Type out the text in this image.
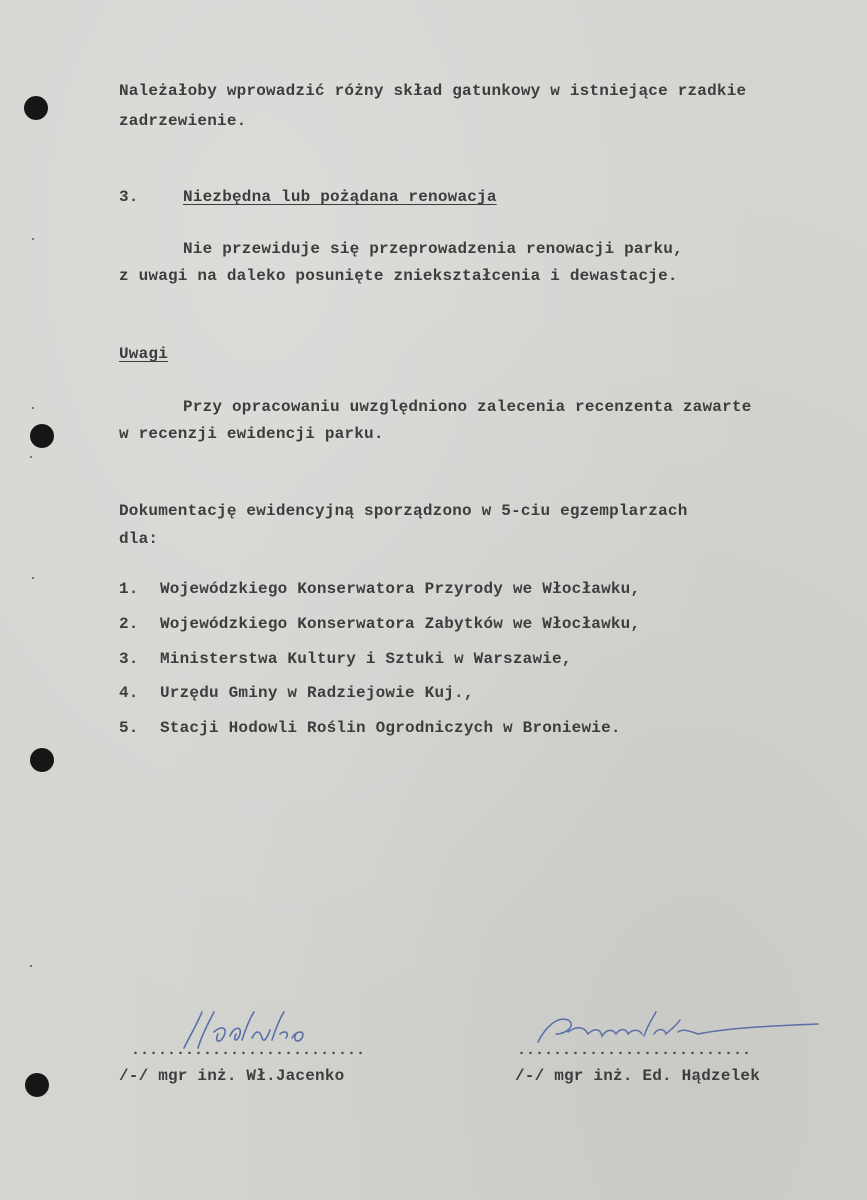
Należałoby wprowadzić różny skład gatunkowy w istniejące rzadkie
zadrzewienie.
3.	Niezbędna lub pożądana renowacja
Nie przewiduje się przeprowadzenia renowacji parku,
z uwagi na daleko posunięte zniekształcenia i dewastacje.
Uwagi
Przy opracowaniu uwzględniono zalecenia recenzenta zawarte
w recenzji ewidencji parku.
Dokumentację ewidencyjną sporządzono w 5-ciu egzemplarzach
dla:
1. Wojewódzkiego Konserwatora Przyrody we Włocławku,
2. Wojewódzkiego Konserwatora Zabytków we Włocławku,
3. Ministerstwa Kultury i Sztuki w Warszawie,
4. Urzędu Gminy w Radziejowie Kuj.,
5. Stacji Hodowli Roślin Ogrodniczych w Broniewie.
..........................	..........................
/-/ mgr inż. Wł.Jacenko	/-/ mgr inż. Ed. Hądzelek
